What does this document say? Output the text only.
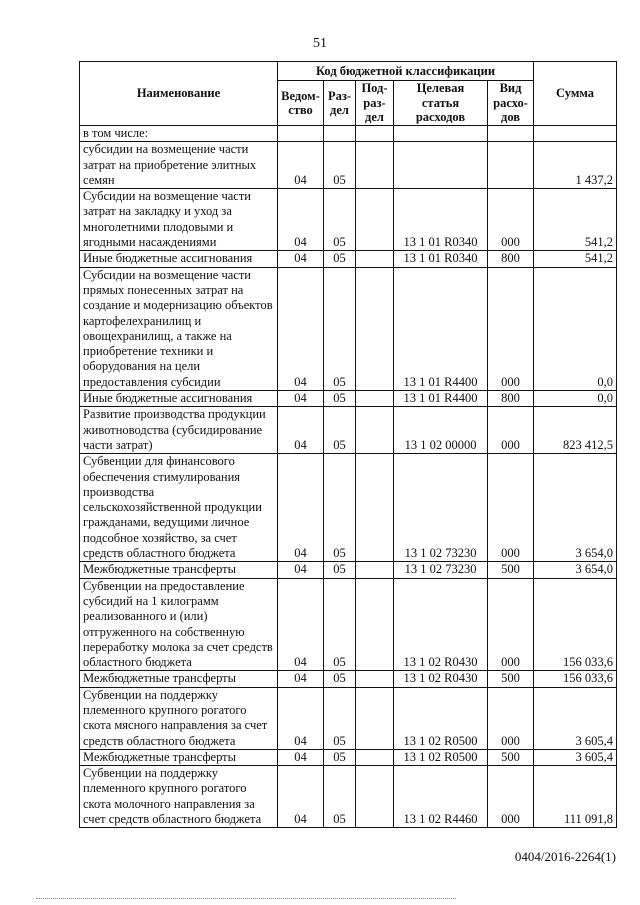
51
Наименование	Код бюджетной классификации					Сумма
	Ведом-ство	Раз-дел	Под-раз-дел	Целевая статья расходов	Вид расхо-дов	
в том числе:						
субсидии на возмещение части затрат на приобретение элитных семян	04	05				1 437,2
Субсидии на возмещение части затрат на закладку и уход за многолетними плодовыми и ягодными насаждениями	04	05		13 1 01 R0340	000	541,2
Иные бюджетные ассигнования	04	05		13 1 01 R0340	800	541,2
Субсидии на возмещение части прямых понесенных затрат на создание и модернизацию объектов картофелехранилищ и овощехранилищ, а также на приобретение техники и оборудования на цели предоставления субсидии	04	05		13 1 01 R4400	000	0,0
Иные бюджетные ассигнования	04	05		13 1 01 R4400	800	0,0
Развитие производства продукции животноводства (субсидирование части затрат)	04	05		13 1 02 00000	000	823 412,5
Субвенции для финансового обеспечения стимулирования производства сельскохозяйственной продукции гражданами, ведущими личное подсобное хозяйство, за счет средств областного бюджета	04	05		13 1 02 73230	000	3 654,0
Межбюджетные трансферты	04	05		13 1 02 73230	500	3 654,0
Субвенции на предоставление субсидий на 1 килограмм реализованного и (или) отгруженного на собственную переработку молока за счет средств областного бюджета	04	05		13 1 02 R0430	000	156 033,6
Межбюджетные трансферты	04	05		13 1 02 R0430	500	156 033,6
Субвенции на поддержку племенного крупного рогатого скота мясного направления за счет средств областного бюджета	04	05		13 1 02 R0500	000	3 605,4
Межбюджетные трансферты	04	05		13 1 02 R0500	500	3 605,4
Субвенции на поддержку племенного крупного рогатого скота молочного направления за счет средств областного бюджета	04	05		13 1 02 R4460	000	111 091,8
0404/2016-2264(1)
